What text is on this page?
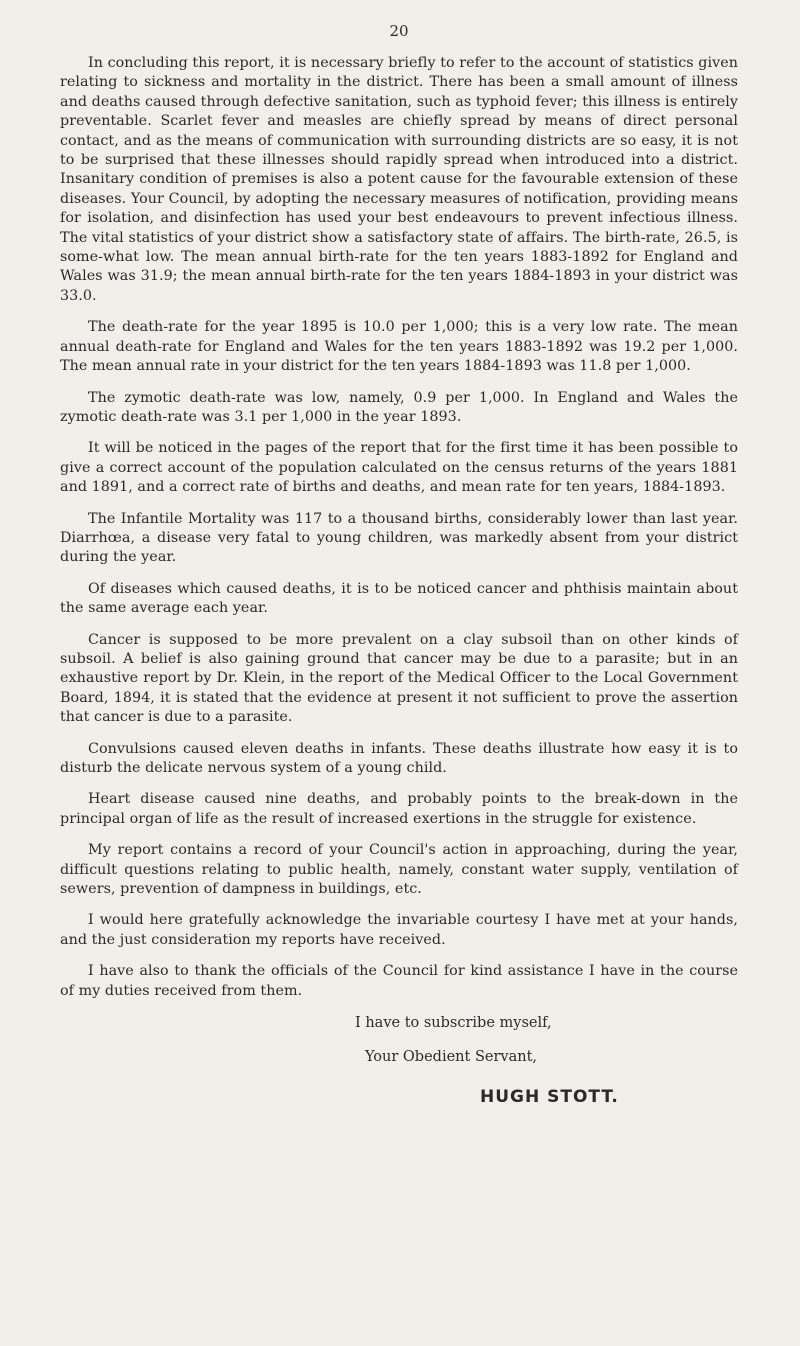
20

In concluding this report, it is necessary briefly to refer to the account of statistics given relating to sickness and mortality in the district. There has been a small amount of illness and deaths caused through defective sanitation, such as typhoid fever; this illness is entirely preventable. Scarlet fever and measles are chiefly spread by means of direct personal contact, and as the means of communication with surrounding districts are so easy, it is not to be surprised that these illnesses should rapidly spread when introduced into a district. Insanitary condition of premises is also a potent cause for the favourable extension of these diseases. Your Council, by adopting the necessary measures of notification, providing means for isolation, and disinfection has used your best endeavours to prevent infectious illness. The vital statistics of your district show a satisfactory state of affairs. The birth-rate, 26.5, is some-what low. The mean annual birth-rate for the ten years 1883-1892 for England and Wales was 31.9; the mean annual birth-rate for the ten years 1884-1893 in your district was 33.0.

The death-rate for the year 1895 is 10.0 per 1,000; this is a very low rate. The mean annual death-rate for England and Wales for the ten years 1883-1892 was 19.2 per 1,000. The mean annual rate in your district for the ten years 1884-1893 was 11.8 per 1,000.

The zymotic death-rate was low, namely, 0.9 per 1,000. In England and Wales the zymotic death-rate was 3.1 per 1,000 in the year 1893.

It will be noticed in the pages of the report that for the first time it has been possible to give a correct account of the population calculated on the census returns of the years 1881 and 1891, and a correct rate of births and deaths, and mean rate for ten years, 1884-1893.

The Infantile Mortality was 117 to a thousand births, considerably lower than last year. Diarrhœa, a disease very fatal to young children, was markedly absent from your district during the year.

Of diseases which caused deaths, it is to be noticed cancer and phthisis maintain about the same average each year.

Cancer is supposed to be more prevalent on a clay subsoil than on other kinds of subsoil. A belief is also gaining ground that cancer may be due to a parasite; but in an exhaustive report by Dr. Klein, in the report of the Medical Officer to the Local Government Board, 1894, it is stated that the evidence at present it not sufficient to prove the assertion that cancer is due to a parasite.

Convulsions caused eleven deaths in infants. These deaths illustrate how easy it is to disturb the delicate nervous system of a young child.

Heart disease caused nine deaths, and probably points to the break-down in the principal organ of life as the result of increased exertions in the struggle for existence.

My report contains a record of your Council's action in approaching, during the year, difficult questions relating to public health, namely, constant water supply, ventilation of sewers, prevention of dampness in buildings, etc.

I would here gratefully acknowledge the invariable courtesy I have met at your hands, and the just consideration my reports have received.

I have also to thank the officials of the Council for kind assistance I have in the course of my duties received from them.

I have to subscribe myself,
Your Obedient Servant,
HUGH STOTT.
